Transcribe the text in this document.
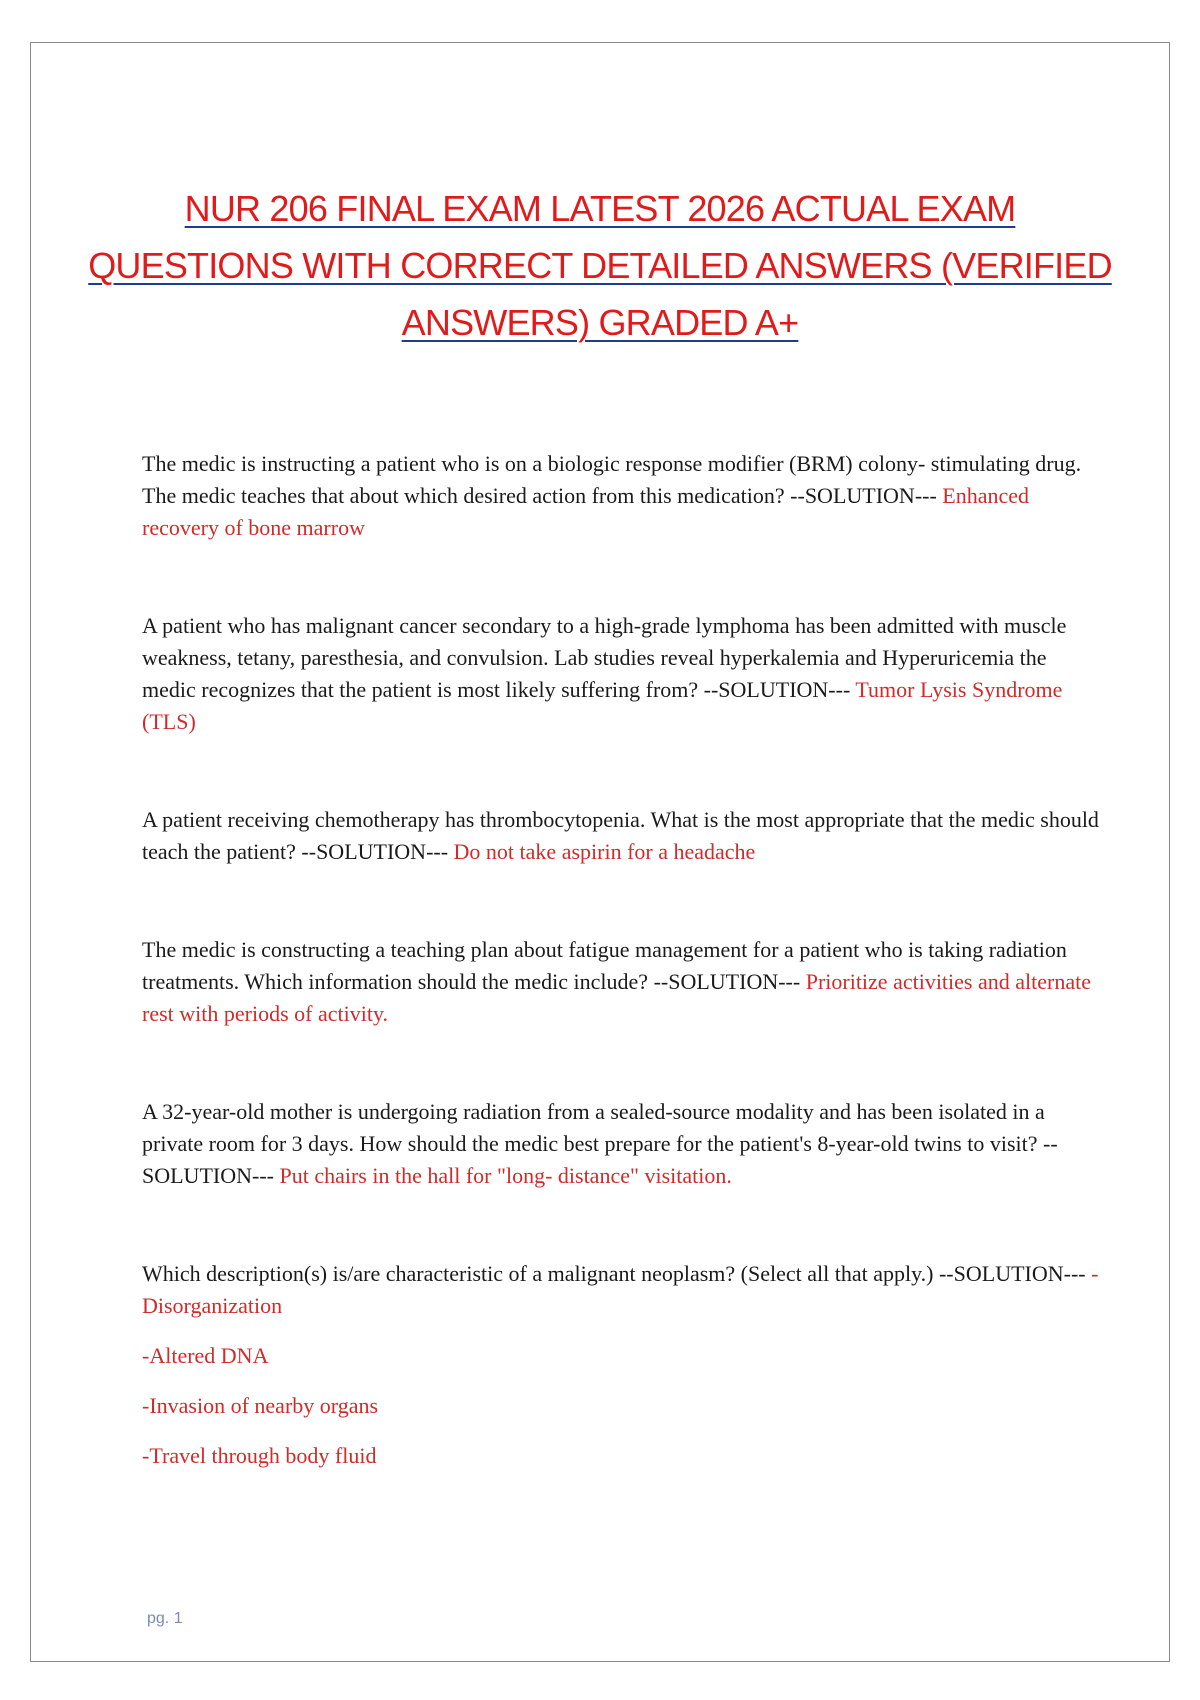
NUR 206 FINAL EXAM LATEST 2026 ACTUAL EXAM
QUESTIONS WITH CORRECT DETAILED ANSWERS (VERIFIED
ANSWERS) GRADED A+

The medic is instructing a patient who is on a biologic response modifier (BRM) colony- stimulating drug. The medic teaches that about which desired action from this medication? --SOLUTION--- Enhanced recovery of bone marrow

A patient who has malignant cancer secondary to a high-grade lymphoma has been admitted with muscle weakness, tetany, paresthesia, and convulsion. Lab studies reveal hyperkalemia and Hyperuricemia the medic recognizes that the patient is most likely suffering from? --SOLUTION--- Tumor Lysis Syndrome (TLS)

A patient receiving chemotherapy has thrombocytopenia. What is the most appropriate that the medic should teach the patient? --SOLUTION--- Do not take aspirin for a headache

The medic is constructing a teaching plan about fatigue management for a patient who is taking radiation treatments. Which information should the medic include? --SOLUTION--- Prioritize activities and alternate rest with periods of activity.

A 32-year-old mother is undergoing radiation from a sealed-source modality and has been isolated in a private room for 3 days. How should the medic best prepare for the patient's 8-year-old twins to visit? --SOLUTION--- Put chairs in the hall for "long- distance" visitation.

Which description(s) is/are characteristic of a malignant neoplasm? (Select all that apply.) --SOLUTION--- -Disorganization

-Altered DNA

-Invasion of nearby organs

-Travel through body fluid

pg. 1
